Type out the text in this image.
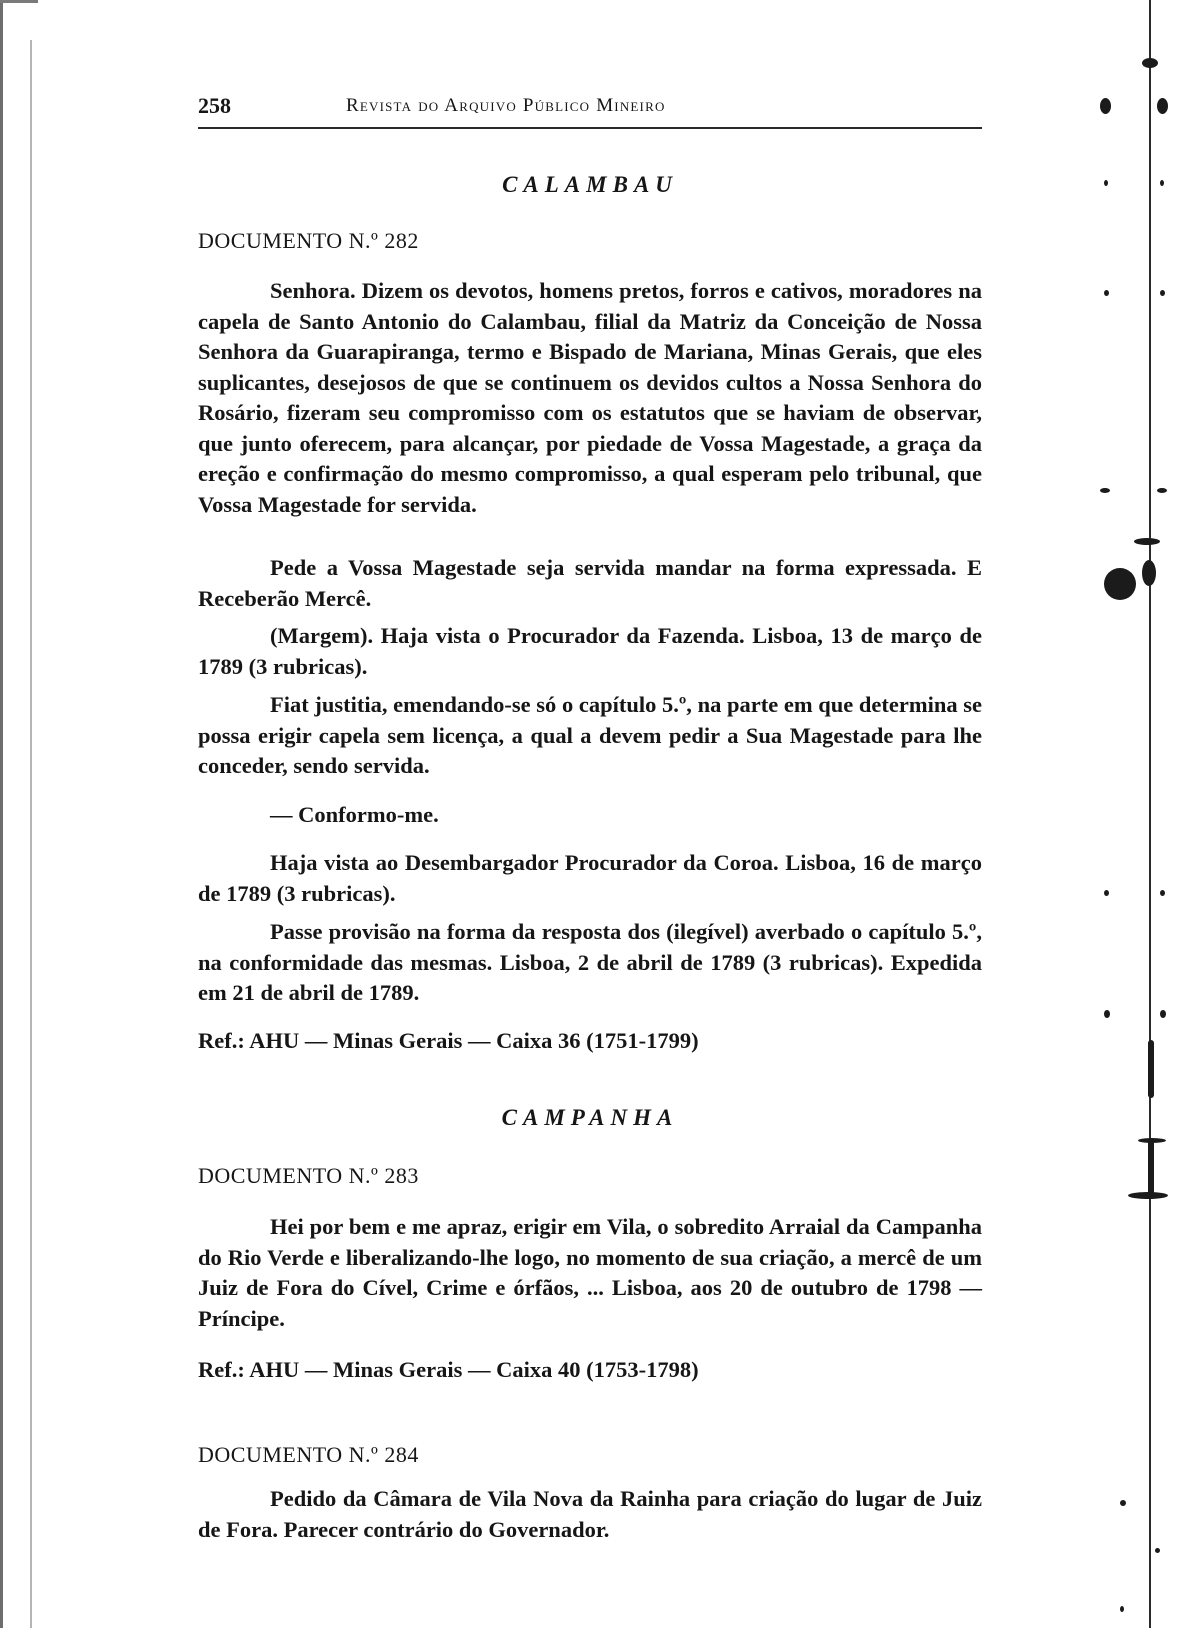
258	Revista do Arquivo Público Mineiro
CALAMBAU
DOCUMENTO N.º 282

Senhora. Dizem os devotos, homens pretos, forros e cativos, moradores na capela de Santo Antonio do Calambau, filial da Matriz da Conceição de Nossa Senhora da Guarapiranga, termo e Bispado de Mariana, Minas Gerais, que eles suplicantes, desejosos de que se continuem os devidos cultos a Nossa Senhora do Rosário, fizeram seu compromisso com os estatutos que se haviam de observar, que junto oferecem, para alcançar, por piedade de Vossa Magestade, a graça da ereção e confirmação do mesmo compromisso, a qual esperam pelo tribunal, que Vossa Magestade for servida.

Pede a Vossa Magestade seja servida mandar na forma expressada. E Receberão Mercê.

(Margem). Haja vista o Procurador da Fazenda. Lisboa, 13 de março de 1789 (3 rubricas).

Fiat justitia, emendando-se só o capítulo 5.º, na parte em que determina se possa erigir capela sem licença, a qual a devem pedir a Sua Magestade para lhe conceder, sendo servida.

— Conformo-me.

Haja vista ao Desembargador Procurador da Coroa. Lisboa, 16 de março de 1789 (3 rubricas).

Passe provisão na forma da resposta dos (ilegível) averbado o capítulo 5.º, na conformidade das mesmas. Lisboa, 2 de abril de 1789 (3 rubricas). Expedida em 21 de abril de 1789.

Ref.: AHU — Minas Gerais — Caixa 36 (1751-1799)

CAMPANHA
DOCUMENTO N.º 283

Hei por bem e me apraz, erigir em Vila, o sobredito Arraial da Campanha do Rio Verde e liberalizando-lhe logo, no momento de sua criação, a mercê de um Juiz de Fora do Cível, Crime e órfãos, ... Lisboa, aos 20 de outubro de 1798 — Príncipe.

Ref.: AHU — Minas Gerais — Caixa 40 (1753-1798)

DOCUMENTO N.º 284

Pedido da Câmara de Vila Nova da Rainha para criação do lugar de Juiz de Fora. Parecer contrário do Governador.
